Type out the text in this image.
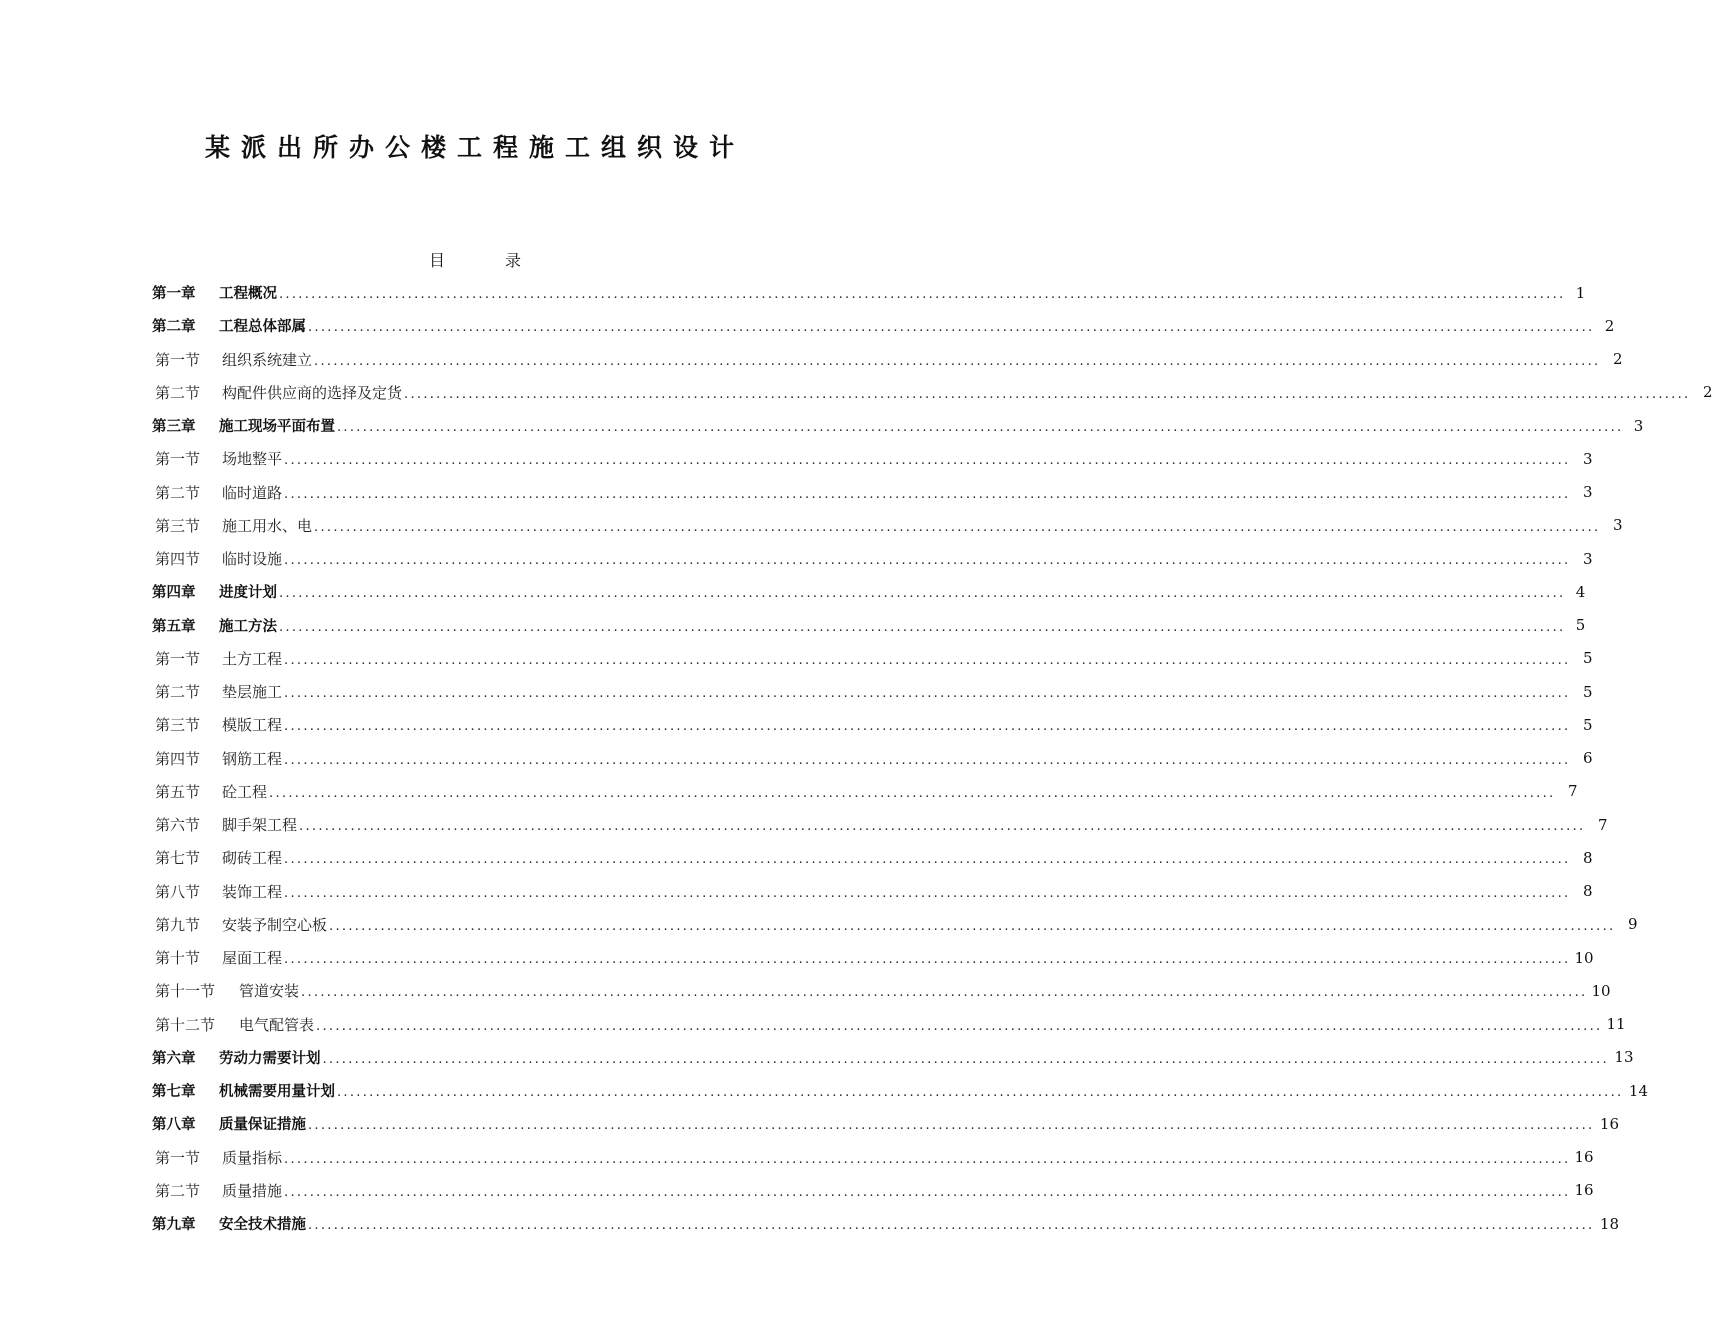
某派出所办公楼工程施工组织设计
目	录
第一章 工程概况 ........................................................................................................................................................................................................ 1
第二章 工程总体部属 ........................................................................................................................................................................................................ 2
第一节 组织系统建立 ........................................................................................................................................................................................................ 2
第二节 构配件供应商的选择及定货 ........................................................................................................................................................................................................ 2
第三章 施工现场平面布置 ........................................................................................................................................................................................................ 3
第一节 场地整平 ........................................................................................................................................................................................................ 3
第二节 临时道路 ........................................................................................................................................................................................................ 3
第三节 施工用水、电 ........................................................................................................................................................................................................ 3
第四节 临时设施 ........................................................................................................................................................................................................ 3
第四章 进度计划 ........................................................................................................................................................................................................ 4
第五章 施工方法 ........................................................................................................................................................................................................ 5
第一节 土方工程 ........................................................................................................................................................................................................ 5
第二节 垫层施工 ........................................................................................................................................................................................................ 5
第三节 模版工程 ........................................................................................................................................................................................................ 5
第四节 钢筋工程 ........................................................................................................................................................................................................ 6
第五节 砼工程 ........................................................................................................................................................................................................ 7
第六节 脚手架工程 ........................................................................................................................................................................................................ 7
第七节 砌砖工程 ........................................................................................................................................................................................................ 8
第八节 装饰工程 ........................................................................................................................................................................................................ 8
第九节 安装予制空心板 ........................................................................................................................................................................................................ 9
第十节 屋面工程 ........................................................................................................................................................................................................ 10
第十一节 管道安装 ........................................................................................................................................................................................................ 10
第十二节 电气配管表 ........................................................................................................................................................................................................ 11
第六章 劳动力需要计划 ........................................................................................................................................................................................................ 13
第七章 机械需要用量计划 ........................................................................................................................................................................................................ 14
第八章 质量保证措施 ........................................................................................................................................................................................................ 16
第一节 质量指标 ........................................................................................................................................................................................................ 16
第二节 质量措施 ........................................................................................................................................................................................................ 16
第九章 安全技术措施 ........................................................................................................................................................................................................ 18
